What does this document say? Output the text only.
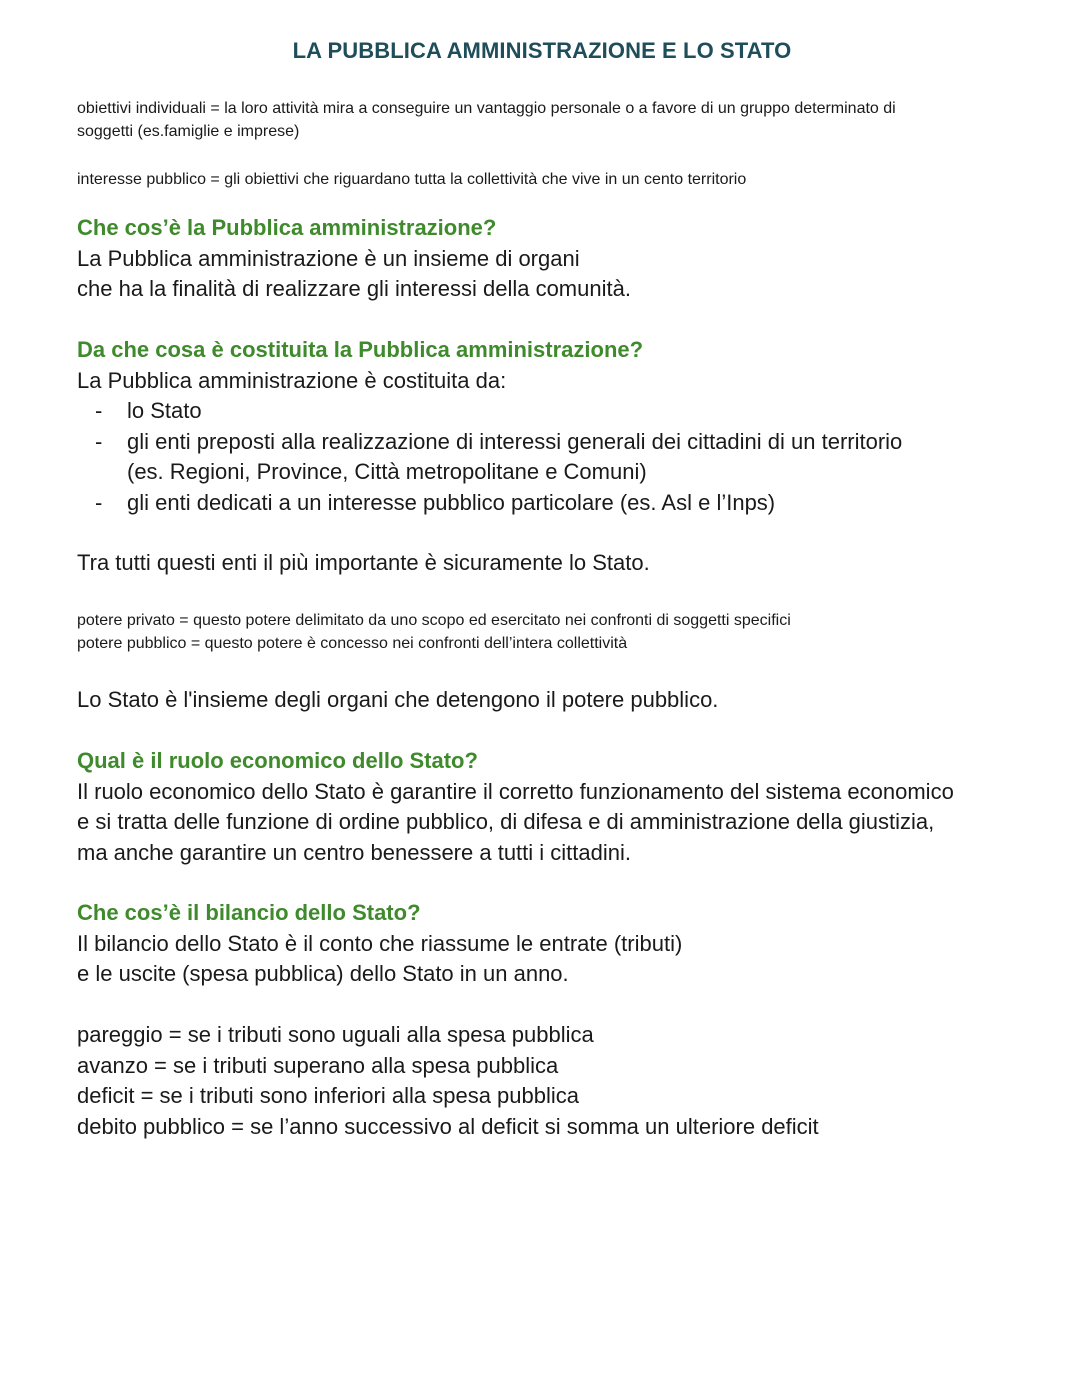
LA PUBBLICA AMMINISTRAZIONE E LO STATO
obiettivi individuali = la loro attività mira a conseguire un vantaggio personale o a favore di un gruppo determinato di
soggetti (es.famiglie e imprese)
interesse pubblico = gli obiettivi che riguardano tutta la collettività che vive in un cento territorio
Che cos’è la Pubblica amministrazione?
La Pubblica amministrazione è un insieme di organi
che ha la finalità di realizzare gli interessi della comunità.
Da che cosa è costituita la Pubblica amministrazione?
La Pubblica amministrazione è costituita da:
- lo Stato
- gli enti preposti alla realizzazione di interessi generali dei cittadini di un territorio
(es. Regioni, Province, Città metropolitane e Comuni)
- gli enti dedicati a un interesse pubblico particolare (es. Asl e l’Inps)
Tra tutti questi enti il più importante è sicuramente lo Stato.
potere privato = questo potere delimitato da uno scopo ed esercitato nei confronti di soggetti specifici
potere pubblico = questo potere è concesso nei confronti dell’intera collettività
Lo Stato è l'insieme degli organi che detengono il potere pubblico.
Qual è il ruolo economico dello Stato?
Il ruolo economico dello Stato è garantire il corretto funzionamento del sistema economico
e si tratta delle funzione di ordine pubblico, di difesa e di amministrazione della giustizia,
ma anche garantire un centro benessere a tutti i cittadini.
Che cos’è il bilancio dello Stato?
Il bilancio dello Stato è il conto che riassume le entrate (tributi)
e le uscite (spesa pubblica) dello Stato in un anno.
pareggio = se i tributi sono uguali alla spesa pubblica
avanzo = se i tributi superano alla spesa pubblica
deficit = se i tributi sono inferiori alla spesa pubblica
debito pubblico = se l’anno successivo al deficit si somma un ulteriore deficit
